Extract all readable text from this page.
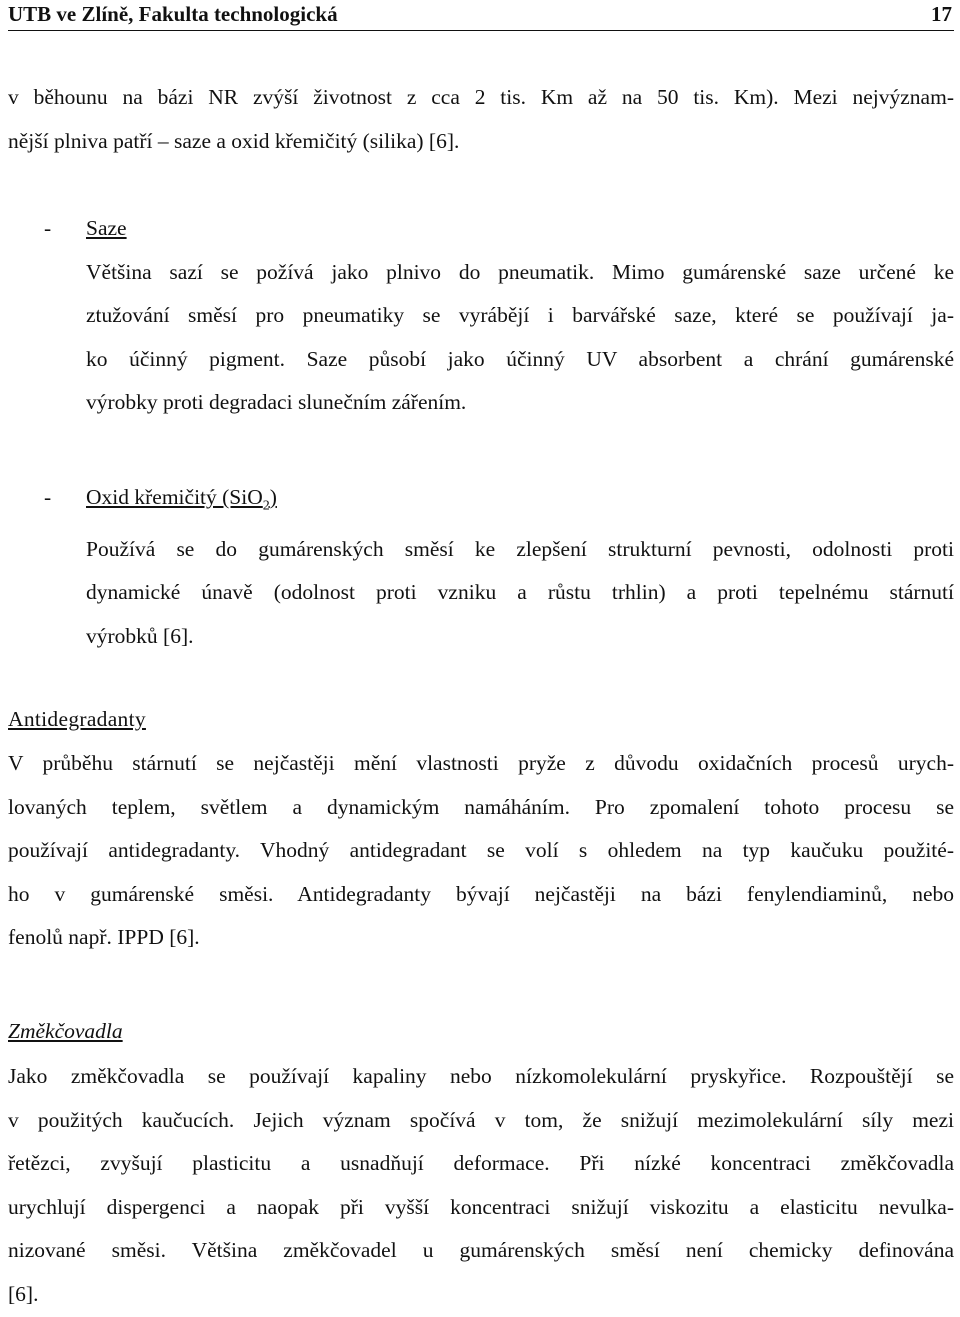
UTB ve Zlíně, Fakulta technologická	17
v běhounu na bázi NR zvýší životnost z cca 2 tis. Km až na 50 tis. Km). Mezi nejvýznam-
nější plniva patří – saze a oxid křemičitý (silika) [6].
- Saze
Většina sazí se požívá jako plnivo do pneumatik. Mimo gumárenské saze určené ke
ztužování směsí pro pneumatiky se vyrábějí i barvářské saze, které se používají ja-
ko účinný pigment. Saze působí jako účinný UV absorbent a chrání gumárenské
výrobky proti degradaci slunečním zářením.
- Oxid křemičitý (SiO$_2$)
Používá se do gumárenských směsí ke zlepšení strukturní pevnosti, odolnosti proti
dynamické únavě (odolnost proti vzniku a růstu trhlin) a proti tepelnému stárnutí
výrobků [6].
Antidegradanty
V průběhu stárnutí se nejčastěji mění vlastnosti pryže z důvodu oxidačních procesů urych-
lovaných teplem, světlem a dynamickým namáháním. Pro zpomalení tohoto procesu se
používají antidegradanty. Vhodný antidegradant se volí s ohledem na typ kaučuku použité-
ho v gumárenské směsi. Antidegradanty bývají nejčastěji na bázi fenylendiaminů, nebo
fenolů např. IPPD [6].
Změkčovadla
Jako změkčovadla se používají kapaliny nebo nízkomolekulární pryskyřice. Rozpouštějí se
v použitých kaučucích. Jejich význam spočívá v tom, že snižují mezimolekulární síly mezi
řetězci, zvyšují plasticitu a usnadňují deformace. Při nízké koncentraci změkčovadla
urychlují dispergenci a naopak při vyšší koncentraci snižují viskozitu a elasticitu nevulka-
nizované směsi. Většina změkčovadel u gumárenských směsí není chemicky definována
[6].
